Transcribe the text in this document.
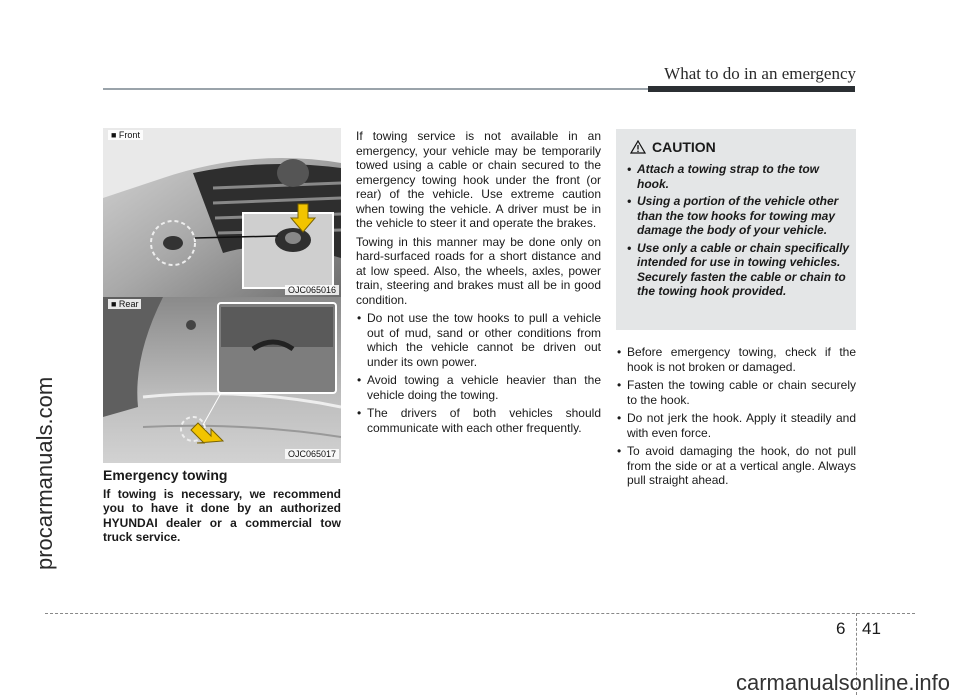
What to do in an emergency
procarmanuals.com
■ Front
OJC065016
■ Rear
OJC065017
Emergency towing

If towing is necessary, we recommend you to have it done by an authorized HYUNDAI dealer or a commercial tow truck service.

If towing service is not available in an emergency, your vehicle may be temporarily towed using a cable or chain secured to the emergency towing hook under the front (or rear) of the vehicle. Use extreme caution when towing the vehicle. A driver must be in the vehicle to steer it and operate the brakes.

Towing in this manner may be done only on hard-surfaced roads for a short distance and at low speed. Also, the wheels, axles, power train, steering and brakes must all be in good condition.

• Do not use the tow hooks to pull a vehicle out of mud, sand or other conditions from which the vehicle cannot be driven out under its own power.
• Avoid towing a vehicle heavier than the vehicle doing the towing.
• The drivers of both vehicles should communicate with each other frequently.
CAUTION
• Attach a towing strap to the tow hook.
• Using a portion of the vehicle other than the tow hooks for towing may damage the body of your vehicle.
• Use only a cable or chain specifically intended for use in towing vehicles. Securely fasten the cable or chain to the towing hook provided.
• Before emergency towing, check if the hook is not broken or damaged.
• Fasten the towing cable or chain securely to the hook.
• Do not jerk the hook. Apply it steadily and with even force.
• To avoid damaging the hook, do not pull from the side or at a vertical angle. Always pull straight ahead.
6 41
carmanualsonline.info
